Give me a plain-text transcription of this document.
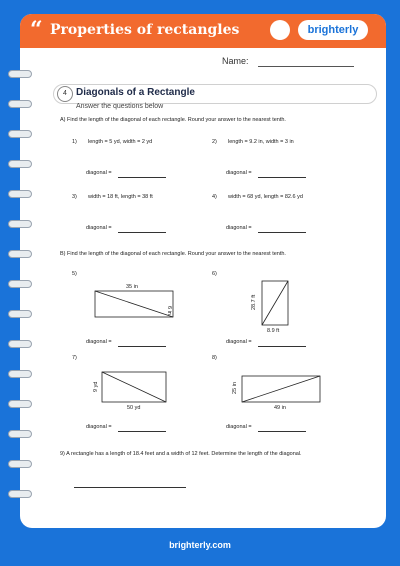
“ Properties of rectangles	brighterly
Name:
4 Diagonals of a Rectangle
Answer the questions below
A) Find the length of the diagonal of each rectangle. Round your answer to the nearest tenth.
1) length = 5 yd, width = 2 yd	2) length = 9.2 in, width = 3 in
diagonal =	diagonal =
3) width = 18 ft, length = 38 ft	4) width = 68 yd, length = 82.6 yd
diagonal =	diagonal =
B) Find the length of the diagonal of each rectangle. Round your answer to the nearest tenth.
5)	6)
35 in
6 in
28.7 ft
8.9 ft
diagonal =	diagonal =
7)	8)
9 yd
50 yd
25 in
49 in
diagonal =	diagonal =
9) A rectangle has a length of 18.4 feet and a width of 12 feet. Determine the length of the diagonal.
brighterly.com
